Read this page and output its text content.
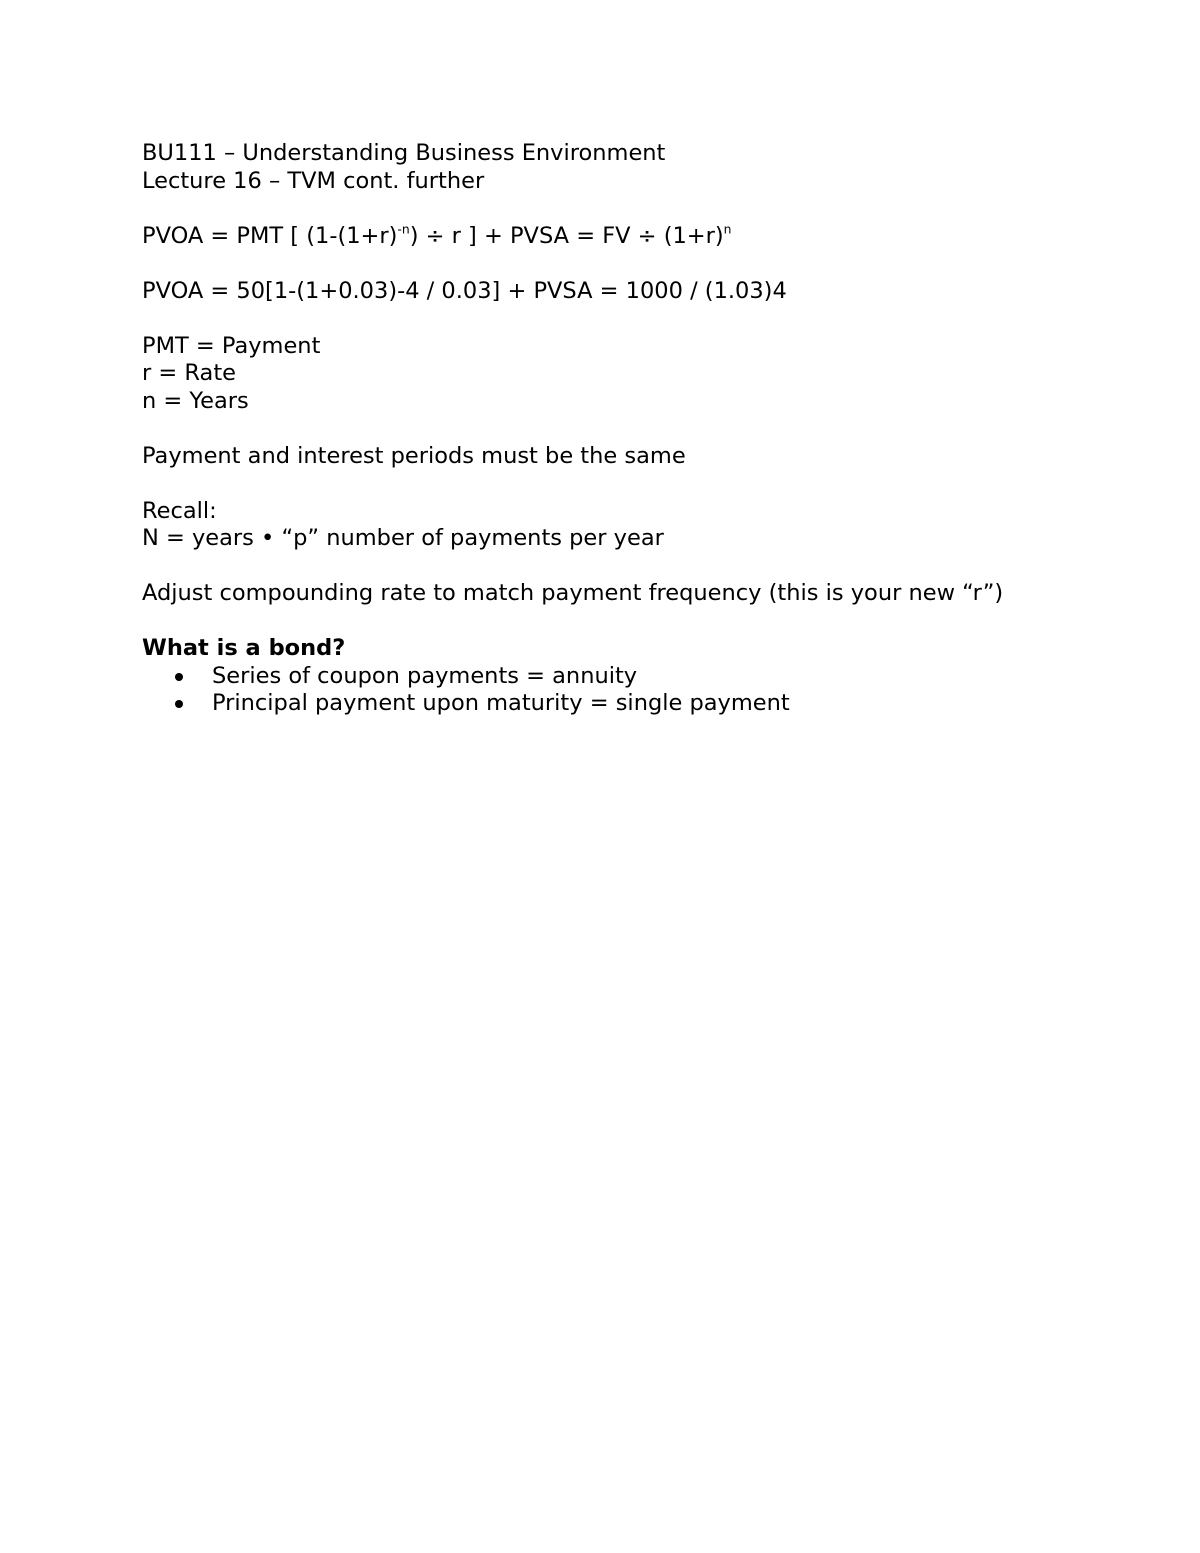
BU111 – Understanding Business Environment
Lecture 16 – TVM cont. further
PVOA = PMT [ $(1-(1+r)^{-n}) \div r$ ] + PVSA = FV ÷ $(1+r)^n$
PVOA = 50[1-(1+0.03)-4 / 0.03] + PVSA = 1000 / (1.03)4
PMT = Payment
r = Rate
n = Years
Payment and interest periods must be the same
Recall:
N = years • “p” number of payments per year
Adjust compounding rate to match payment frequency (this is your new “r”)
What is a bond?
Series of coupon payments = annuity
Principal payment upon maturity = single payment
